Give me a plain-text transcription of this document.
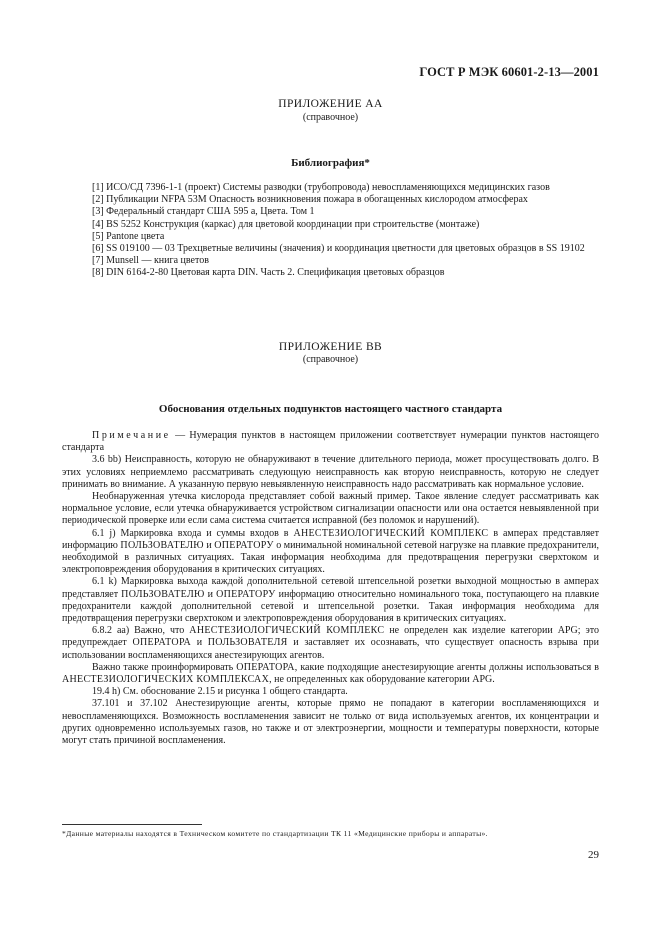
ГОСТ Р МЭК 60601-2-13—2001
ПРИЛОЖЕНИЕ АА
(справочное)
Библиография*

[1] ИСО/СД 7396-1-1 (проект) Системы разводки (трубопровода) невоспламеняющихся медицинских газов

[2] Публикации NFPA 53M Опасность возникновения пожара в обогащенных кислородом атмосферах

[3] Федеральный стандарт США 595 а, Цвета. Том 1

[4] BS 5252 Конструкция (каркас) для цветовой координации при строительстве (монтаже)

[5] Pantone цвета

[6] SS 019100 — 03 Трехцветные величины (значения) и координация цветности для цветовых образцов в SS 19102

[7] Munsell — книга цветов

[8] DIN 6164-2-80 Цветовая карта DIN. Часть 2. Спецификация цветовых образцов

ПРИЛОЖЕНИЕ ВВ
(справочное)
Обоснования отдельных подпунктов настоящего частного стандарта

Примечание — Нумерация пунктов в настоящем приложении соответствует нумерации пунктов настоящего стандарта

3.6 bb) Неисправность, которую не обнаруживают в течение длительного периода, может просуществовать долго. В этих условиях неприемлемо рассматривать следующую неисправность как вторую неисправность, которую не следует принимать во внимание. А указанную первую невыявленную неисправность надо рассматривать как нормальное условие.

Необнаруженная утечка кислорода представляет собой важный пример. Такое явление следует рассматривать как нормальное условие, если утечка обнаруживается устройством сигнализации опасности или она остается невыявленной при периодической проверке или если сама система считается исправной (без поломок и нарушений).

6.1 j) Маркировка входа и суммы входов в АНЕСТЕЗИОЛОГИЧЕСКИЙ КОМПЛЕКС в амперах представляет информацию ПОЛЬЗОВАТЕЛЮ и ОПЕРАТОРУ о минимальной номинальной сетевой нагрузке на плавкие предохранители, необходимой в различных ситуациях. Такая информация необходима для предотвращения перегрузки сверхтоком и электроповреждения оборудования в критических ситуациях.

6.1 k) Маркировка выхода каждой дополнительной сетевой штепсельной розетки выходной мощностью в амперах представляет ПОЛЬЗОВАТЕЛЮ и ОПЕРАТОРУ информацию относительно номинального тока, поступающего на плавкие предохранители каждой дополнительной сетевой и штепсельной розетки. Такая информация необходима для предотвращения перегрузки сверхтоком и электроповреждения оборудования в критических ситуациях.

6.8.2 аа) Важно, что АНЕСТЕЗИОЛОГИЧЕСКИЙ КОМПЛЕКС не определен как изделие категории APG; это предупреждает ОПЕРАТОРА и ПОЛЬЗОВАТЕЛЯ и заставляет их осознавать, что существует опасность взрыва при использовании воспламеняющихся анестезирующих агентов.

Важно также проинформировать ОПЕРАТОРА, какие подходящие анестезирующие агенты должны использоваться в АНЕСТЕЗИОЛОГИЧЕСКИХ КОМПЛЕКСАХ, не определенных как оборудование категории APG.

19.4 h) См. обоснование 2.15 и рисунка 1 общего стандарта.

37.101 и 37.102 Анестезирующие агенты, которые прямо не попадают в категории воспламеняющихся и невоспламеняющихся. Возможность воспламенения зависит не только от вида используемых агентов, их концентрации и других одновременно используемых газов, но также и от электроэнергии, мощности и температуры поверхности, которые могут стать причиной воспламенения.

*Данные материалы находятся в Техническом комитете по стандартизации ТК 11 «Медицинские приборы и аппараты».
29
